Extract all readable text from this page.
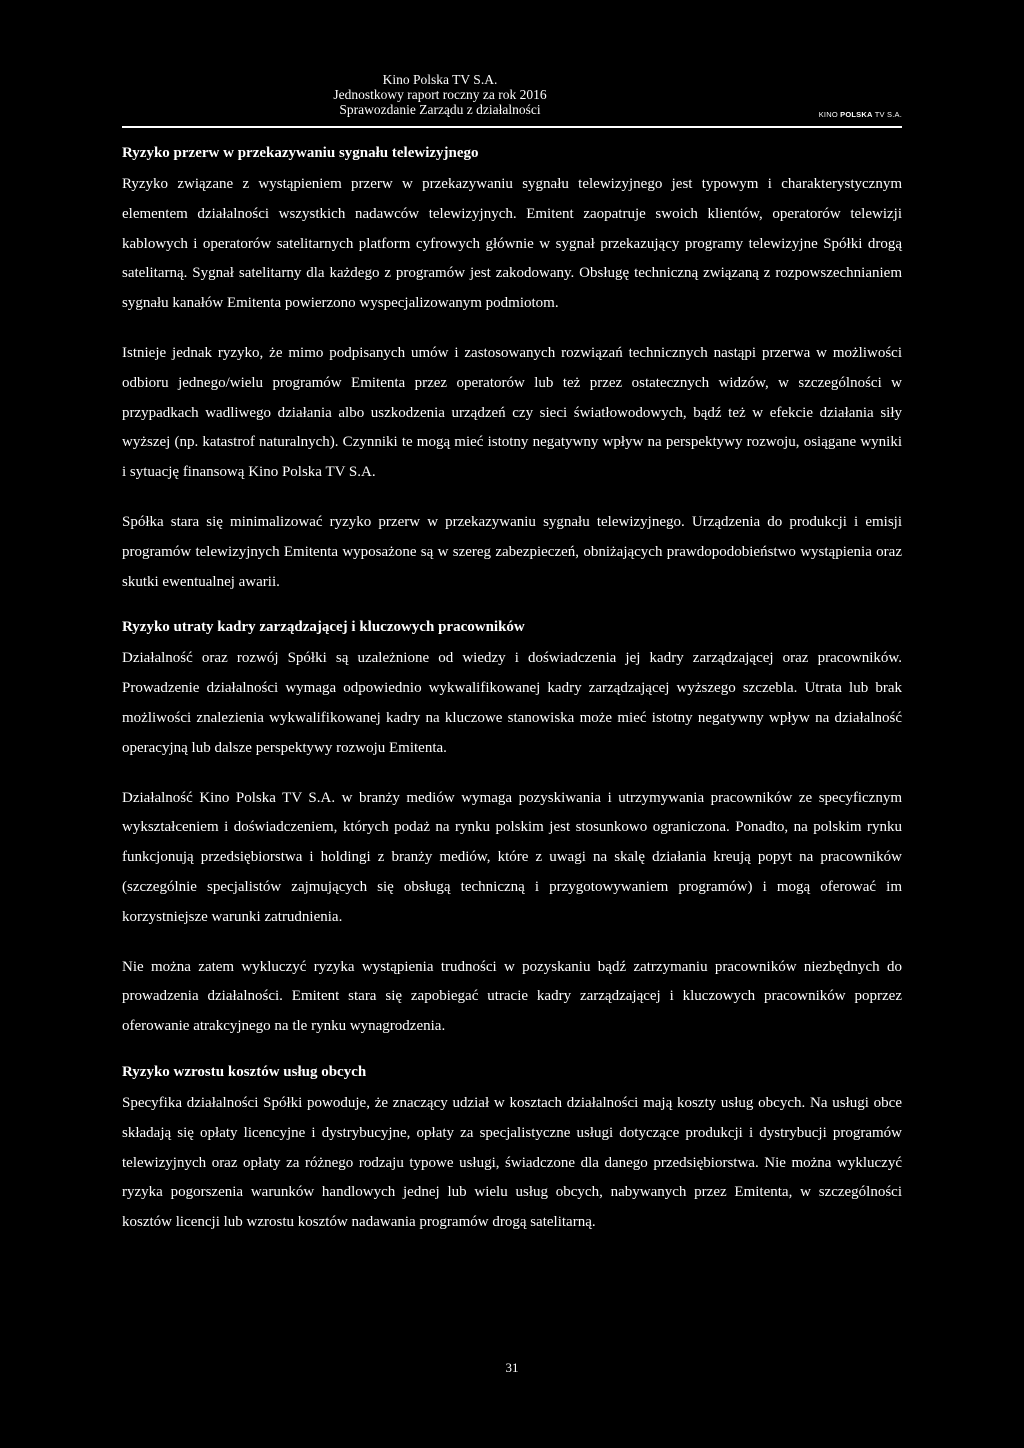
Kino Polska TV S.A.
Jednostkowy raport roczny za rok 2016
Sprawozdanie Zarządu z działalności	KINO POLSKA TV S.A.
Ryzyko przerw w przekazywaniu sygnału telewizyjnego

Ryzyko związane z wystąpieniem przerw w przekazywaniu sygnału telewizyjnego jest typowym i charakterystycznym elementem działalności wszystkich nadawców telewizyjnych. Emitent zaopatruje swoich klientów, operatorów telewizji kablowych i operatorów satelitarnych platform cyfrowych głównie w sygnał przekazujący programy telewizyjne Spółki drogą satelitarną. Sygnał satelitarny dla każdego z programów jest zakodowany. Obsługę techniczną związaną z rozpowszechnianiem sygnału kanałów Emitenta powierzono wyspecjalizowanym podmiotom.

Istnieje jednak ryzyko, że mimo podpisanych umów i zastosowanych rozwiązań technicznych nastąpi przerwa w możliwości odbioru jednego/wielu programów Emitenta przez operatorów lub też przez ostatecznych widzów, w szczególności w przypadkach wadliwego działania albo uszkodzenia urządzeń czy sieci światłowodowych, bądź też w efekcie działania siły wyższej (np. katastrof naturalnych). Czynniki te mogą mieć istotny negatywny wpływ na perspektywy rozwoju, osiągane wyniki i sytuację finansową Kino Polska TV S.A.

Spółka stara się minimalizować ryzyko przerw w przekazywaniu sygnału telewizyjnego. Urządzenia do produkcji i emisji programów telewizyjnych Emitenta wyposażone są w szereg zabezpieczeń, obniżających prawdopodobieństwo wystąpienia oraz skutki ewentualnej awarii.

Ryzyko utraty kadry zarządzającej i kluczowych pracowników

Działalność oraz rozwój Spółki są uzależnione od wiedzy i doświadczenia jej kadry zarządzającej oraz pracowników. Prowadzenie działalności wymaga odpowiednio wykwalifikowanej kadry zarządzającej wyższego szczebla. Utrata lub brak możliwości znalezienia wykwalifikowanej kadry na kluczowe stanowiska może mieć istotny negatywny wpływ na działalność operacyjną lub dalsze perspektywy rozwoju Emitenta.

Działalność Kino Polska TV S.A. w branży mediów wymaga pozyskiwania i utrzymywania pracowników ze specyficznym wykształceniem i doświadczeniem, których podaż na rynku polskim jest stosunkowo ograniczona. Ponadto, na polskim rynku funkcjonują przedsiębiorstwa i holdingi z branży mediów, które z uwagi na skalę działania kreują popyt na pracowników (szczególnie specjalistów zajmujących się obsługą techniczną i przygotowywaniem programów) i mogą oferować im korzystniejsze warunki zatrudnienia.

Nie można zatem wykluczyć ryzyka wystąpienia trudności w pozyskaniu bądź zatrzymaniu pracowników niezbędnych do prowadzenia działalności. Emitent stara się zapobiegać utracie kadry zarządzającej i kluczowych pracowników poprzez oferowanie atrakcyjnego na tle rynku wynagrodzenia.

Ryzyko wzrostu kosztów usług obcych

Specyfika działalności Spółki powoduje, że znaczący udział w kosztach działalności mają koszty usług obcych. Na usługi obce składają się opłaty licencyjne i dystrybucyjne, opłaty za specjalistyczne usługi dotyczące produkcji i dystrybucji programów telewizyjnych oraz opłaty za różnego rodzaju typowe usługi, świadczone dla danego przedsiębiorstwa. Nie można wykluczyć ryzyka pogorszenia warunków handlowych jednej lub wielu usług obcych, nabywanych przez Emitenta, w szczególności kosztów licencji lub wzrostu kosztów nadawania programów drogą satelitarną.

31
